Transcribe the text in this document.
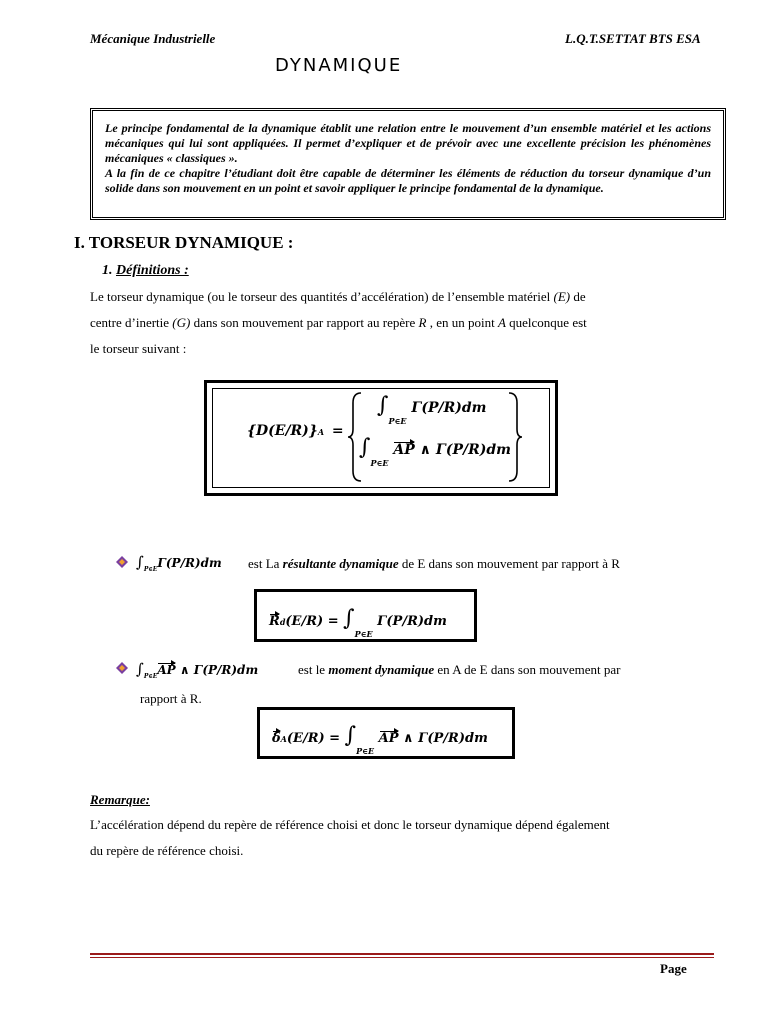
Mécanique Industrielle	L.Q.T.SETTAT BTS ESA
DYNAMIQUE
Le principe fondamental de la dynamique établit une relation entre le mouvement d’un ensemble matériel et les actions mécaniques qui lui sont appliquées. Il permet d’expliquer et de prévoir avec une excellente précision les phénomènes mécaniques « classiques ».
A la fin de ce chapitre l’étudiant doit être capable de déterminer les éléments de réduction du torseur dynamique d’un solide dans son mouvement en un point et savoir appliquer le principe fondamental de la dynamique.
I. TORSEUR DYNAMIQUE :
1. Définitions :
Le torseur dynamique (ou le torseur des quantités d’accélération) de l’ensemble matériel (E) de
centre d’inertie (G) dans son mouvement par rapport au repère R , en un point A quelconque est
le torseur suivant :
{D(E/R)}A =
$\int_{P\in E}$ Γ(P/R)dm
$\int_{P\in E}$ AP ∧ Γ(P/R)dm
$\int_{P\in E}\Gamma(P/R)dm$ est La résultante dynamique de E dans son mouvement par rapport à R
$Rd(E/R) = \int_{P\in E}$ Γ(P/R)dm
$\int_{P\in E}AP$ ∧ Γ(P/R)dm	est le moment dynamique en A de E dans son mouvement par
rapport à R.
$\delta A(E/R) = \int_{P\in E}$ AP ∧ Γ(P/R)dm
Remarque:
L’accélération dépend du repère de référence choisi et donc le torseur dynamique dépend également
du repère de référence choisi.
Page
